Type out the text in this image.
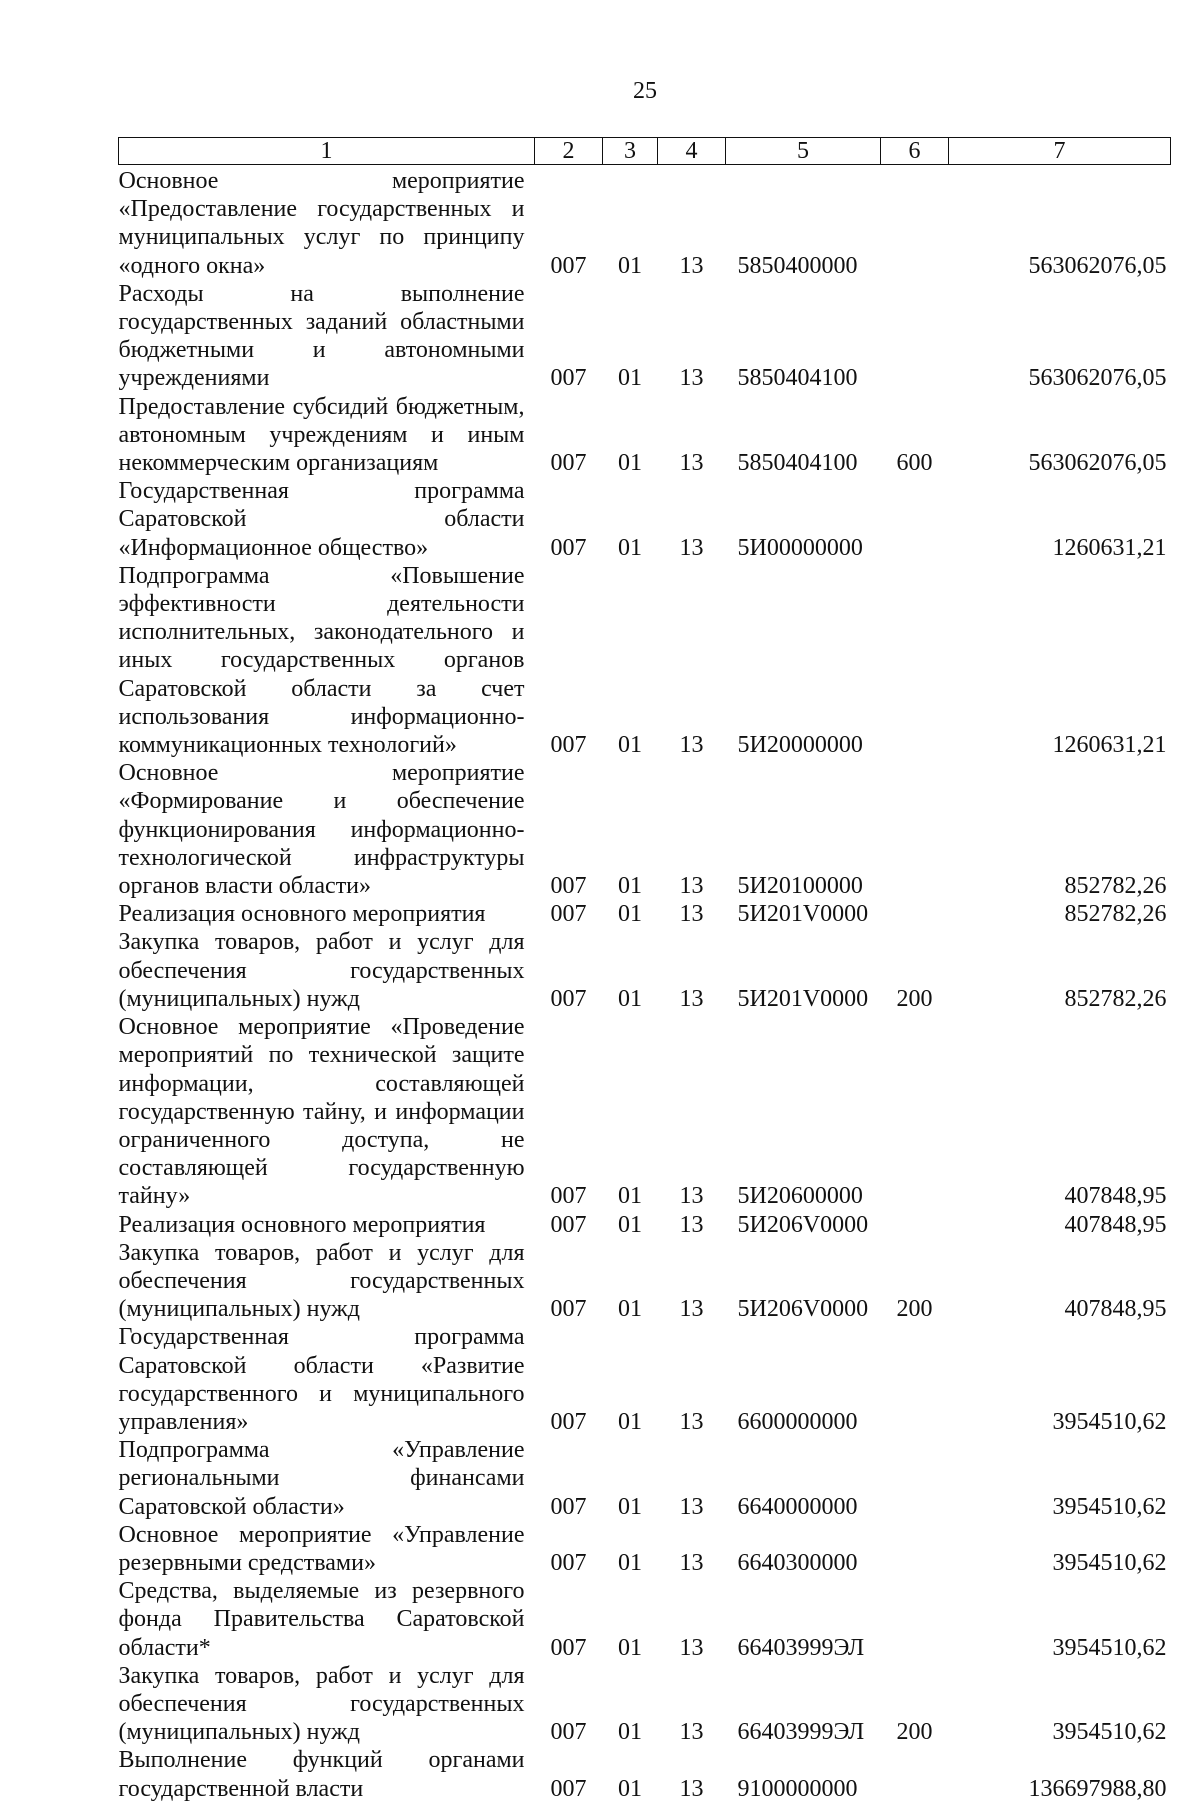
25
1	2	3	4	5	6	7
Основное мероприятие «Предоставление государственных и муниципальных услуг по принципу «одного окна»	007	01	13	5850400000		563062076,05
Расходы на выполнение государственных заданий областными бюджетными и автономными учреждениями	007	01	13	5850404100		563062076,05
Предоставление субсидий бюджетным, автономным учреждениям и иным некоммерческим организациям	007	01	13	5850404100	600	563062076,05
Государственная программа Саратовской области «Информационное общество»	007	01	13	5И00000000		1260631,21
Подпрограмма «Повышение эффективности деятельности исполнительных, законодательного и иных государственных органов Саратовской области за счет использования информационно-коммуникационных технологий»	007	01	13	5И20000000		1260631,21
Основное мероприятие «Формирование и обеспечение функционирования информационно-технологической инфраструктуры органов власти области»	007	01	13	5И20100000		852782,26
Реализация основного мероприятия	007	01	13	5И201V0000		852782,26
Закупка товаров, работ и услуг для обеспечения государственных (муниципальных) нужд	007	01	13	5И201V0000	200	852782,26
Основное мероприятие «Проведение мероприятий по технической защите информации, составляющей государственную тайну, и информации ограниченного доступа, не составляющей государственную тайну»	007	01	13	5И20600000		407848,95
Реализация основного мероприятия	007	01	13	5И206V0000		407848,95
Закупка товаров, работ и услуг для обеспечения государственных (муниципальных) нужд	007	01	13	5И206V0000	200	407848,95
Государственная программа Саратовской области «Развитие государственного и муниципального управления»	007	01	13	6600000000		3954510,62
Подпрограмма «Управление региональными финансами Саратовской области»	007	01	13	6640000000		3954510,62
Основное мероприятие «Управление резервными средствами»	007	01	13	6640300000		3954510,62
Средства, выделяемые из резервного фонда Правительства Саратовской области*	007	01	13	66403999ЭЛ		3954510,62
Закупка товаров, работ и услуг для обеспечения государственных (муниципальных) нужд	007	01	13	66403999ЭЛ	200	3954510,62
Выполнение функций органами государственной власти	007	01	13	9100000000		136697988,80
